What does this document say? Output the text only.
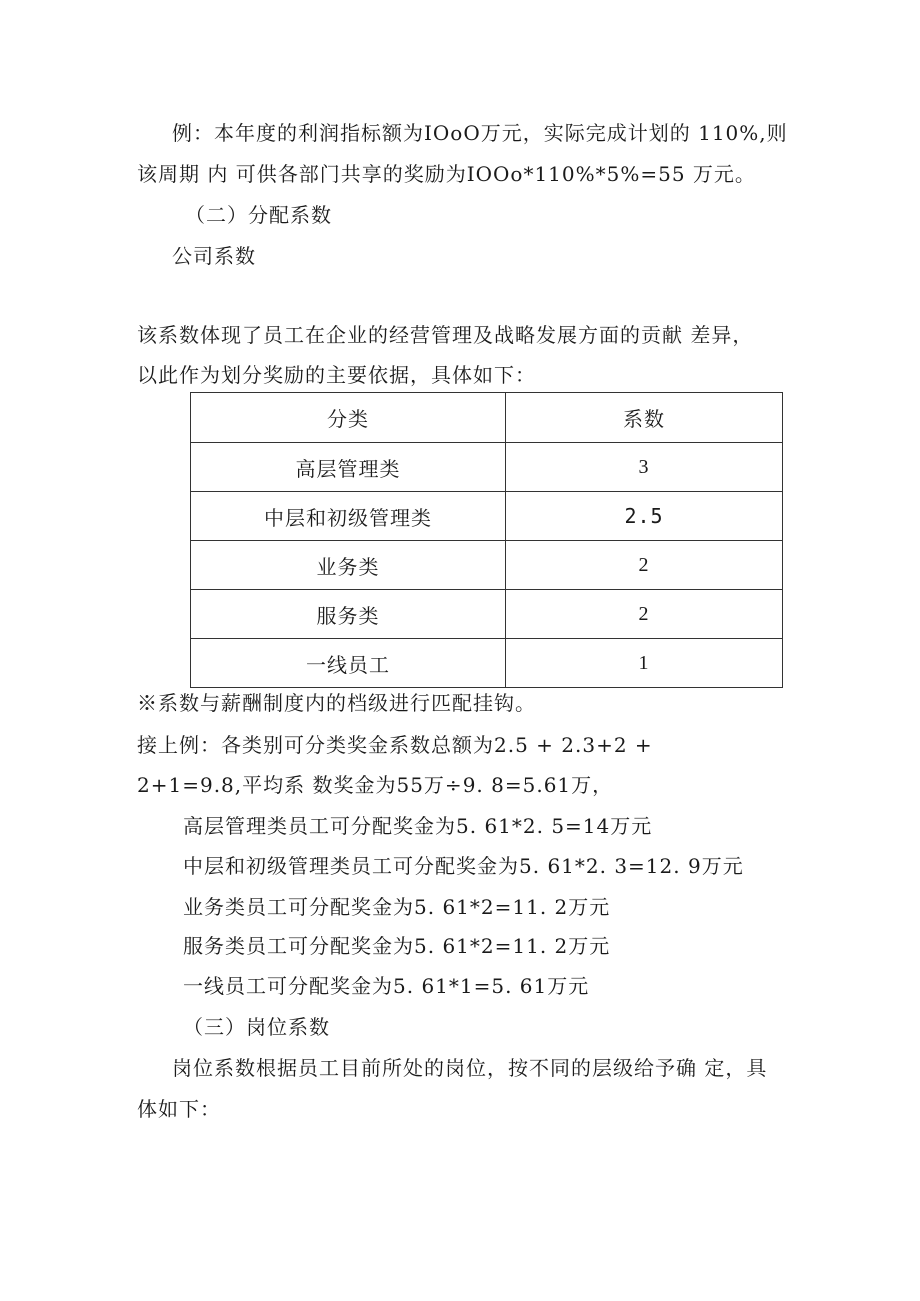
例：本年度的利润指标额为IOoO万元，实际完成计划的 110%,则
该周期 内 可供各部门共享的奖励为IOOo*110%*5%=55 万元。
（二）分配系数
公司系数
该系数体现了员工在企业的经营管理及战略发展方面的贡献 差异，
以此作为划分奖励的主要依据，具体如下：
分类	系数
高层管理类	3
中层和初级管理类	2.5
业务类	2
服务类	2
一线员工	1
※系数与薪酬制度内的档级进行匹配挂钩。
接上例：各类别可分类奖金系数总额为2.5 + 2.3+2 +
2+1=9.8,平均系 数奖金为55万÷9. 8=5.61万，
高层管理类员工可分配奖金为5. 61*2. 5=14万元
中层和初级管理类员工可分配奖金为5. 61*2. 3=12. 9万元
业务类员工可分配奖金为5. 61*2=11. 2万元
服务类员工可分配奖金为5. 61*2=11. 2万元
一线员工可分配奖金为5. 61*1=5. 61万元
（三）岗位系数
岗位系数根据员工目前所处的岗位，按不同的层级给予确 定，具
体如下：
